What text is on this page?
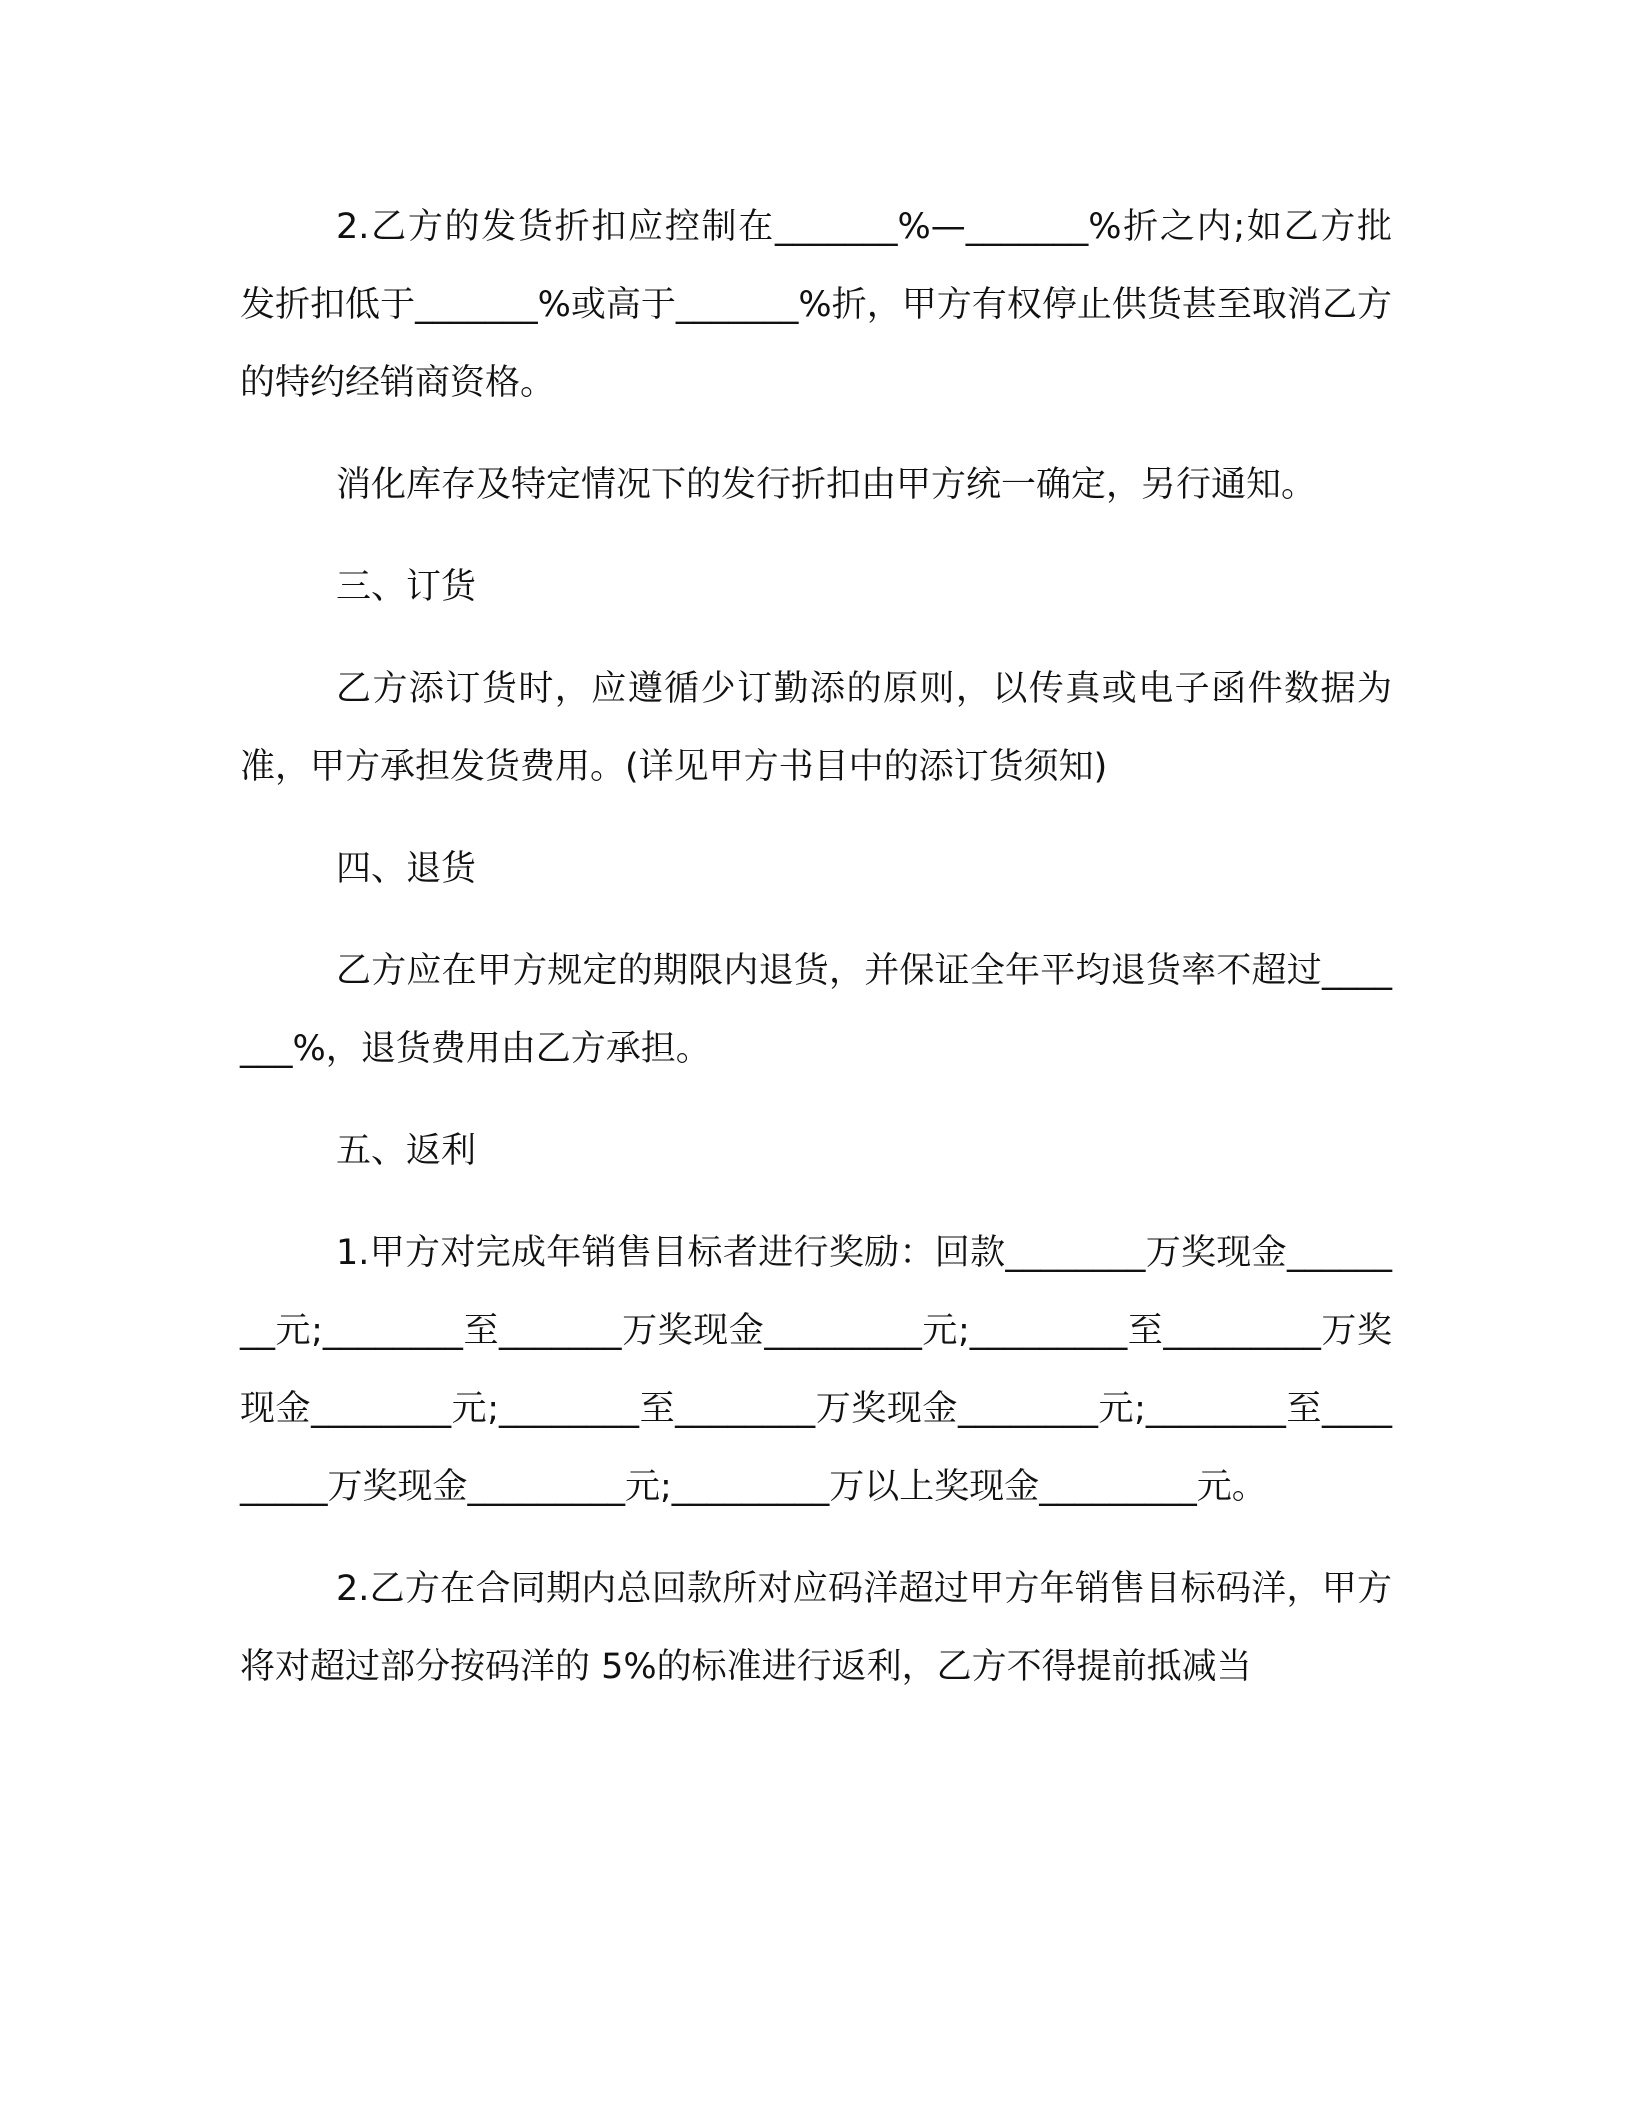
2.乙方的发货折扣应控制在_______%—_______%折之内;如乙方批发折扣低于_______%或高于_______%折，甲方有权停止供货甚至取消乙方的特约经销商资格。

消化库存及特定情况下的发行折扣由甲方统一确定，另行通知。

三、订货

乙方添订货时，应遵循少订勤添的原则，以传真或电子函件数据为准，甲方承担发货费用。(详见甲方书目中的添订货须知)

四、退货

乙方应在甲方规定的期限内退货，并保证全年平均退货率不超过_______%，退货费用由乙方承担。

五、返利

1.甲方对完成年销售目标者进行奖励：回款________万奖现金________元;________至_______万奖现金_________元;_________至_________万奖现金________元;________至________万奖现金________元;________至_________万奖现金_________元;_________万以上奖现金_________元。

2.乙方在合同期内总回款所对应码洋超过甲方年销售目标码洋，甲方将对超过部分按码洋的 5%的标准进行返利，乙方不得提前抵减当
